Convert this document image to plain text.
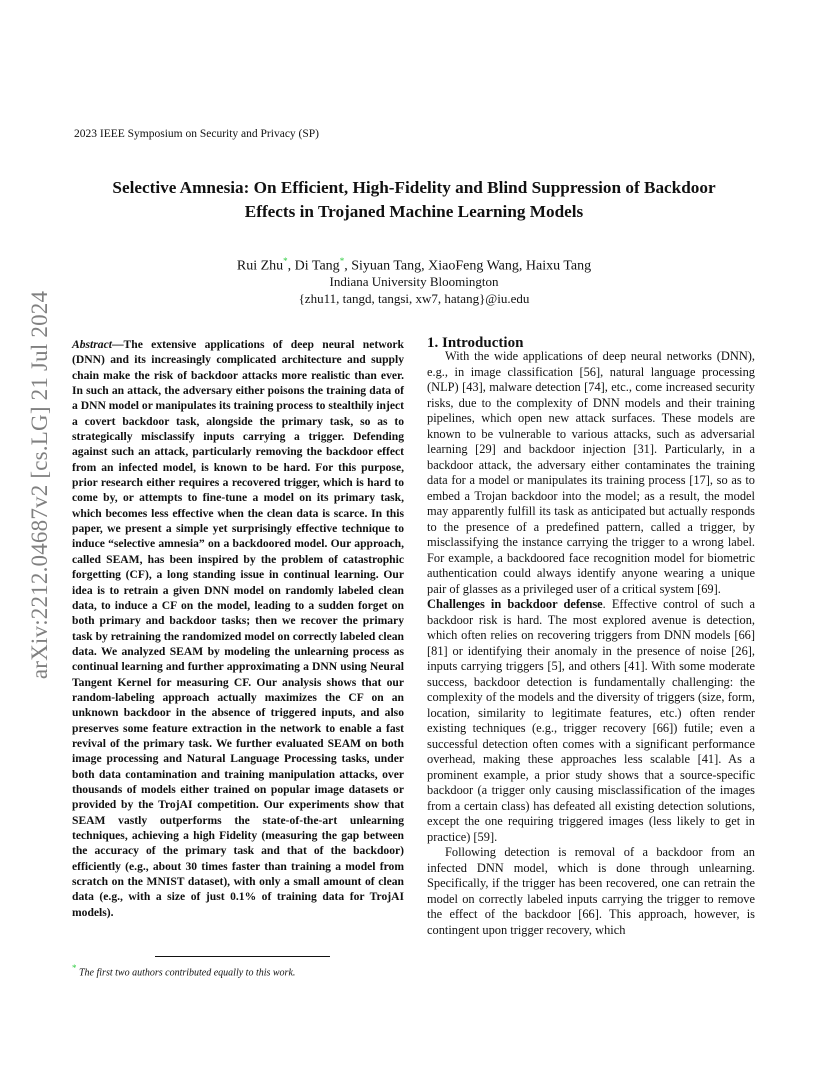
2023 IEEE Symposium on Security and Privacy (SP)
Selective Amnesia: On Efficient, High-Fidelity and Blind Suppression of Backdoor
Effects in Trojaned Machine Learning Models
Rui Zhu*, Di Tang*, Siyuan Tang, XiaoFeng Wang, Haixu Tang
Indiana University Bloomington
{zhu11, tangd, tangsi, xw7, hatang}@iu.edu
arXiv:2212.04687v2 [cs.LG] 21 Jul 2024 Abstract—The extensive applications of deep neural network (DNN) and its increasingly complicated architecture and supply chain make the risk of backdoor attacks more realistic than ever. In such an attack, the adversary either poisons the training data of a DNN model or manipulates its training process to stealthily inject a covert backdoor task, alongside the primary task, so as to strategically misclassify inputs carrying a trigger. Defending against such an attack, particularly removing the backdoor effect from an infected model, is known to be hard. For this purpose, prior research either requires a recovered trigger, which is hard to come by, or attempts to fine-tune a model on its primary task, which becomes less effective when the clean data is scarce. In this paper, we present a simple yet surprisingly effective technique to induce “selective amnesia” on a backdoored model. Our approach, called SEAM, has been inspired by the problem of catastrophic forgetting (CF), a long standing issue in continual learning. Our idea is to retrain a given DNN model on randomly labeled clean data, to induce a CF on the model, leading to a sudden forget on both primary and backdoor tasks; then we recover the primary task by retraining the randomized model on correctly labeled clean data. We analyzed SEAM by modeling the unlearning process as continual learning and further approximating a DNN using Neural Tangent Kernel for measuring CF. Our analysis shows that our random-labeling approach actually maximizes the CF on an unknown backdoor in the absence of triggered inputs, and also preserves some feature extraction in the network to enable a fast revival of the primary task. We further evaluated SEAM on both image processing and Natural Language Processing tasks, under both data contamination and training manipulation attacks, over thousands of models either trained on popular image datasets or provided by the TrojAI competition. Our experiments show that SEAM vastly outperforms the state-of-the-art unlearning techniques, achieving a high Fidelity (measuring the gap between the accuracy of the primary task and that of the backdoor) efficiently (e.g., about 30 times faster than training a model from scratch on the MNIST dataset), with only a small amount of clean data (e.g., with a size of just 0.1% of training data for TrojAI models).

* The first two authors contributed equally to this work.
1. Introduction

With the wide applications of deep neural networks (DNN), e.g., in image classification [56], natural language processing (NLP) [43], malware detection [74], etc., come increased security risks, due to the complexity of DNN models and their training pipelines, which open new attack surfaces. These models are known to be vulnerable to various attacks, such as adversarial learning [29] and backdoor injection [31]. Particularly, in a backdoor attack, the adversary either contaminates the training data for a model or manipulates its training process [17], so as to embed a Trojan backdoor into the model; as a result, the model may apparently fulfill its task as anticipated but actually responds to the presence of a predefined pattern, called a trigger, by misclassifying the instance carrying the trigger to a wrong label. For example, a backdoored face recognition model for biometric authentication could always identify anyone wearing a unique pair of glasses as a privileged user of a critical system [69].

Challenges in backdoor defense. Effective control of such a backdoor risk is hard. The most explored avenue is detection, which often relies on recovering triggers from DNN models [66] [81] or identifying their anomaly in the presence of noise [26], inputs carrying triggers [5], and others [41]. With some moderate success, backdoor detection is fundamentally challenging: the complexity of the models and the diversity of triggers (size, form, location, similarity to legitimate features, etc.) often render existing techniques (e.g., trigger recovery [66]) futile; even a successful detection often comes with a significant performance overhead, making these approaches less scalable [41]. As a prominent example, a prior study shows that a source-specific backdoor (a trigger only causing misclassification of the images from a certain class) has defeated all existing detection solutions, except the one requiring triggered images (less likely to get in practice) [59].

Following detection is removal of a backdoor from an infected DNN model, which is done through unlearning. Specifically, if the trigger has been recovered, one can retrain the model on correctly labeled inputs carrying the trigger to remove the effect of the backdoor [66]. This approach, however, is contingent upon trigger recovery, which
